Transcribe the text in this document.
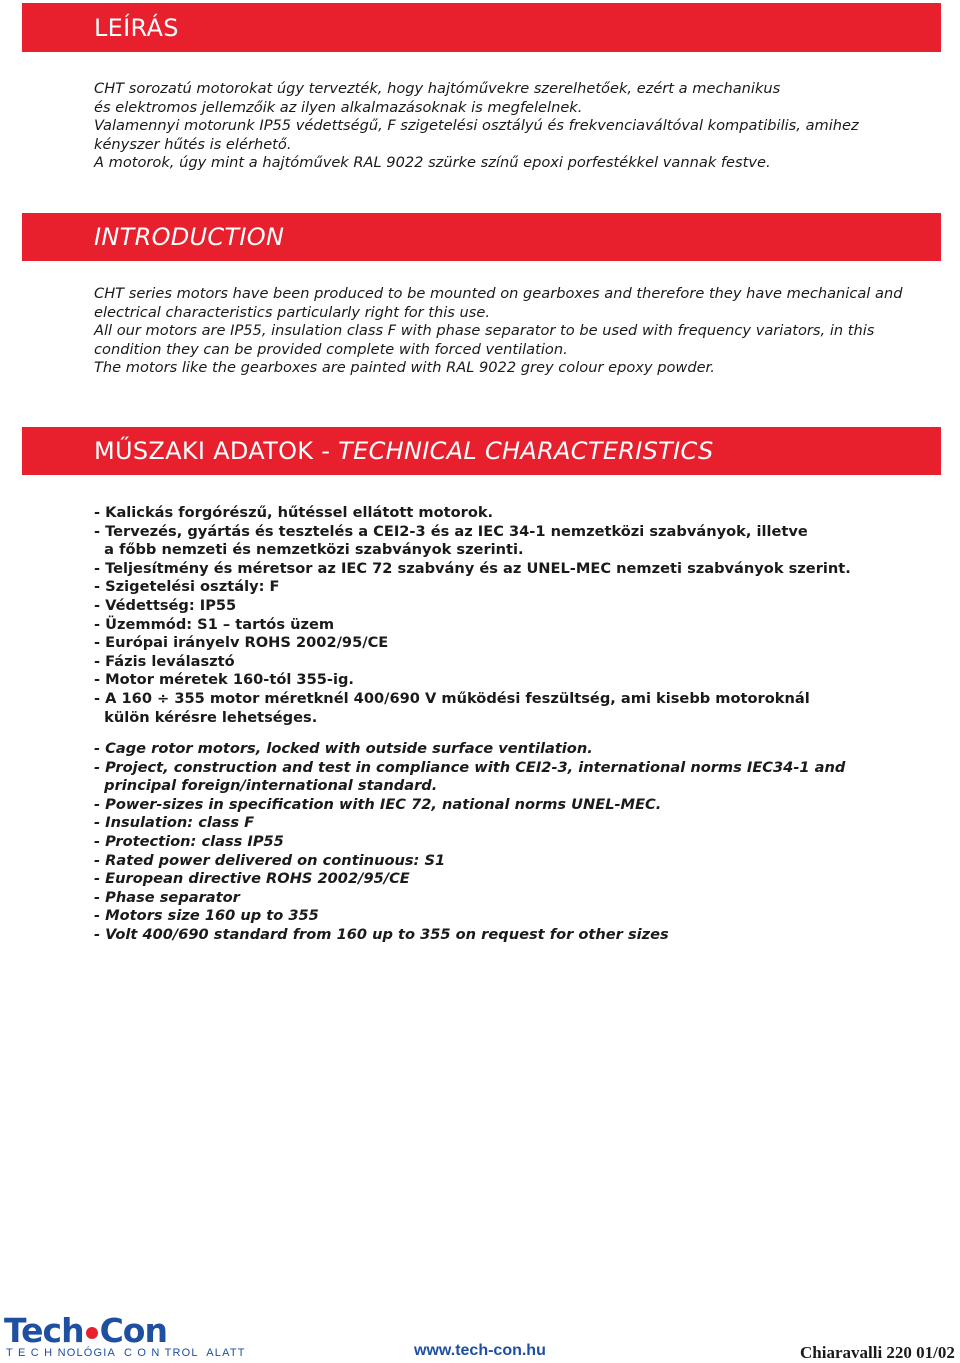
LEÍRÁS

CHT sorozatú motorokat úgy tervezték, hogy hajtóművekre szerelhetőek, ezért a mechanikus

és elektromos jellemzőik az ilyen alkalmazásoknak is megfelelnek.

Valamennyi motorunk IP55 védettségű, F szigetelési osztályú és frekvenciaváltóval kompatibilis, amihez

kényszer hűtés is elérhető.

A motorok, úgy mint a hajtóművek RAL 9022 szürke színű epoxi porfestékkel vannak festve.

INTRODUCTION

CHT series motors have been produced to be mounted on gearboxes and therefore they have mechanical and

electrical characteristics particularly right for this use.

All our motors are IP55, insulation class F with phase separator to be used with frequency variators, in this

condition they can be provided complete with forced ventilation.

The motors like the gearboxes are painted with RAL 9022 grey colour epoxy powder.

MŰSZAKI ADATOK - TECHNICAL CHARACTERISTICS
- Kalickás forgórészű, hűtéssel ellátott motorok.
- Tervezés, gyártás és tesztelés a CEI2-3 és az IEC 34-1 nemzetközi szabványok, illetve
a főbb nemzeti és nemzetközi szabványok szerinti.
- Teljesítmény és méretsor az IEC 72 szabvány és az UNEL-MEC nemzeti szabványok szerint.
- Szigetelési osztály: F
- Védettség: IP55
- Üzemmód: S1 – tartós üzem
- Európai irányelv ROHS 2002/95/CE
- Fázis leválasztó
- Motor méretek 160-tól 355-ig.
- A 160 ÷ 355 motor méretknél 400/690 V működési feszültség, ami kisebb motoroknál
külön kérésre lehetséges.
- Cage rotor motors, locked with outside surface ventilation.
- Project, construction and test in compliance with CEI2-3, international norms IEC34-1 and
principal foreign/international standard.
- Power-sizes in specification with IEC 72, national norms UNEL-MEC.
- Insulation: class F
- Protection: class IP55
- Rated power delivered on continuous: S1
- European directive ROHS 2002/95/CE
- Phase separator
- Motors size 160 up to 355
- Volt 400/690 standard from 160 up to 355 on request for other sizes
Tech Con
T E C H NOLÓGIA  C O N TROL  ALATT	www.tech-con.hu	Chiaravalli 220 01/02
